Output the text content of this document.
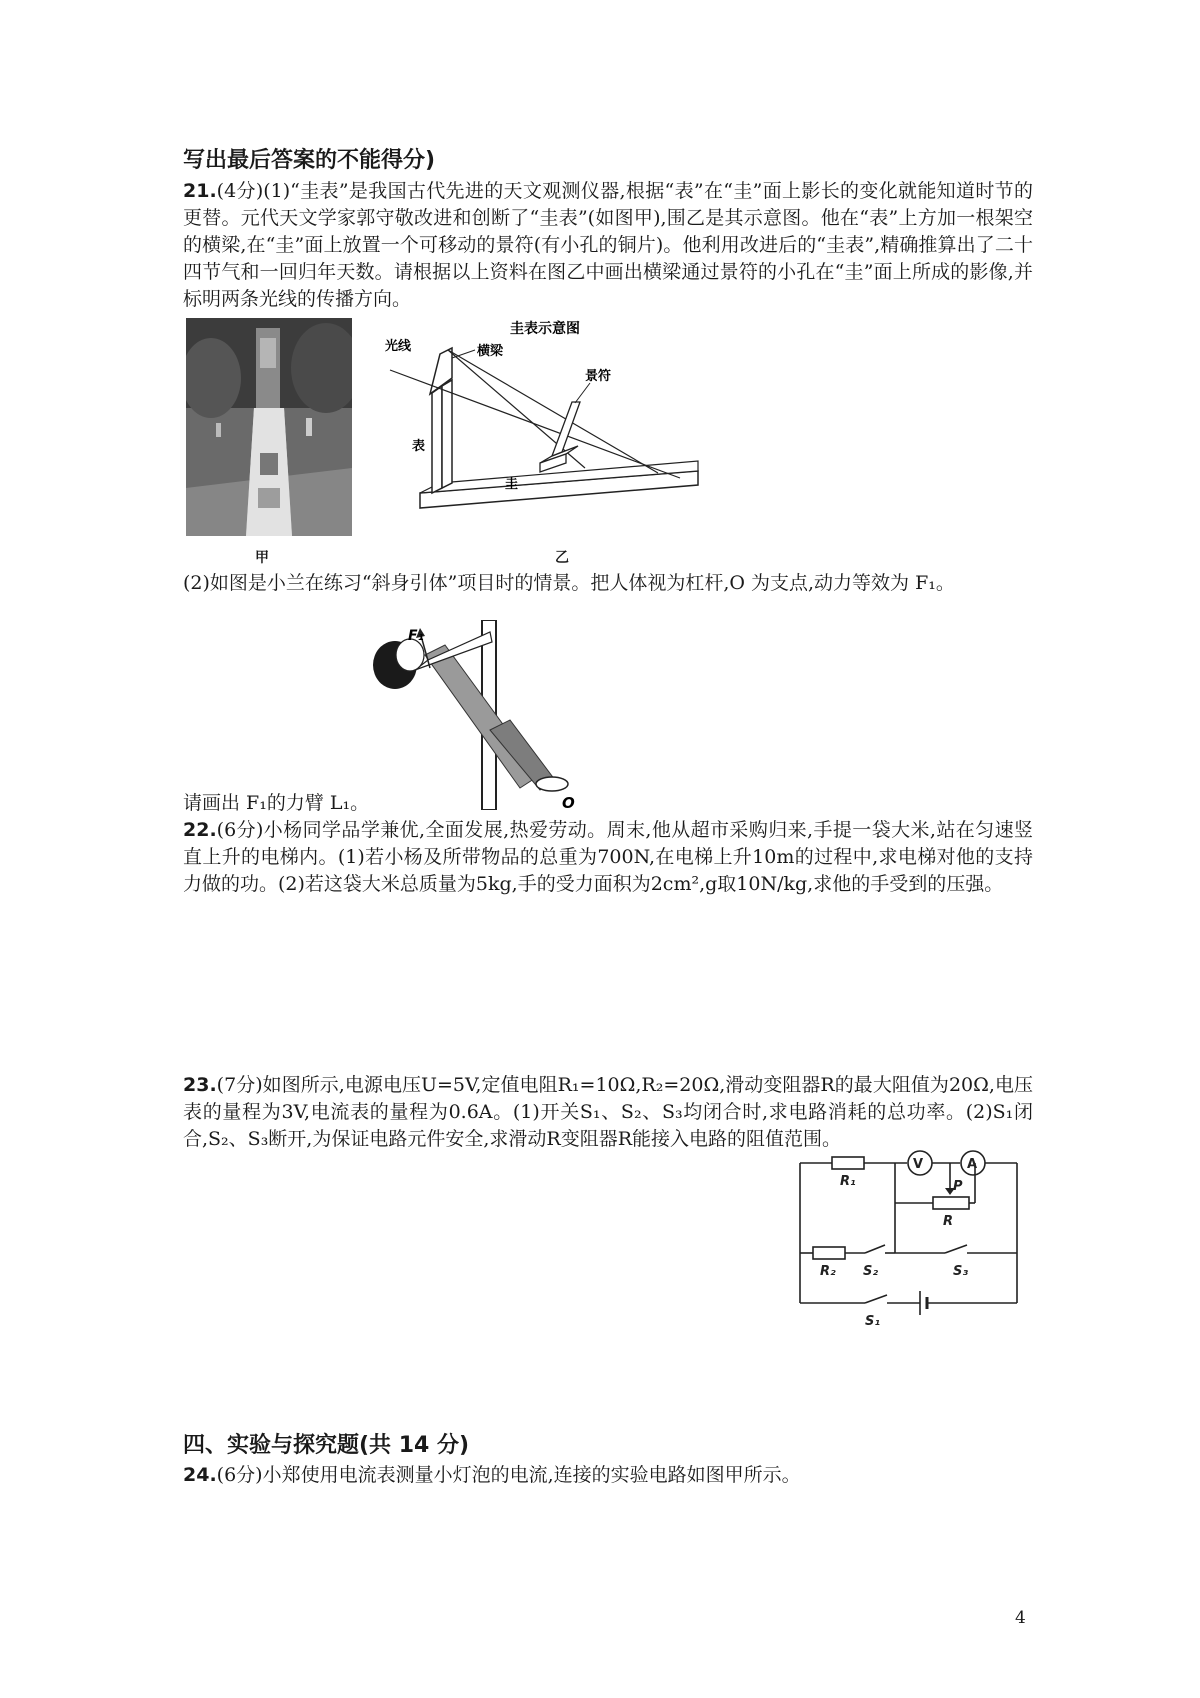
写出最后答案的不能得分)
21.(4分)(1)“圭表”是我国古代先进的天文观测仪器,根据“表”在“圭”面上影长的变化就能知道时节的更替。元代天文学家郭守敬改进和创断了“圭表”(如图甲),围乙是其示意图。他在“表”上方加一根架空的横梁,在“圭”面上放置一个可移动的景符(有小孔的铜片)。他利用改进后的“圭表”,精确推算出了二十四节气和一回归年天数。请根据以上资料在图乙中画出横梁通过景符的小孔在“圭”面上所成的影像,并标明两条光线的传播方向。
甲
圭表示意图
光线	横梁
景符
表
圭
乙
(2)如图是小兰在练习“斜身引体”项目时的情景。把人体视为杠杆,O 为支点,动力等效为 F₁。
F₁
O
请画出 F₁的力臂 L₁。
22.(6分)小杨同学品学兼优,全面发展,热爱劳动。周末,他从超市采购归来,手提一袋大米,站在匀速竖直上升的电梯内。(1)若小杨及所带物品的总重为700N,在电梯上升10m的过程中,求电梯对他的支持力做的功。(2)若这袋大米总质量为5kg,手的受力面积为2cm²,g取10N/kg,求他的手受到的压强。
23.(7分)如图所示,电源电压U=5V,定值电阻R₁=10Ω,R₂=20Ω,滑动变阻器R的最大阻值为20Ω,电压表的量程为3V,电流表的量程为0.6A。(1)开关S₁、S₂、S₃均闭合时,求电路消耗的总功率。(2)S₁闭合,S₂、S₃断开,为保证电路元件安全,求滑动R变阻器R能接入电路的阻值范围。
V	A
R₁	P
R
R₂ S₂	S₃
S₁
四、实验与探究题(共 14 分)
24.(6分)小郑使用电流表测量小灯泡的电流,连接的实验电路如图甲所示。
4
